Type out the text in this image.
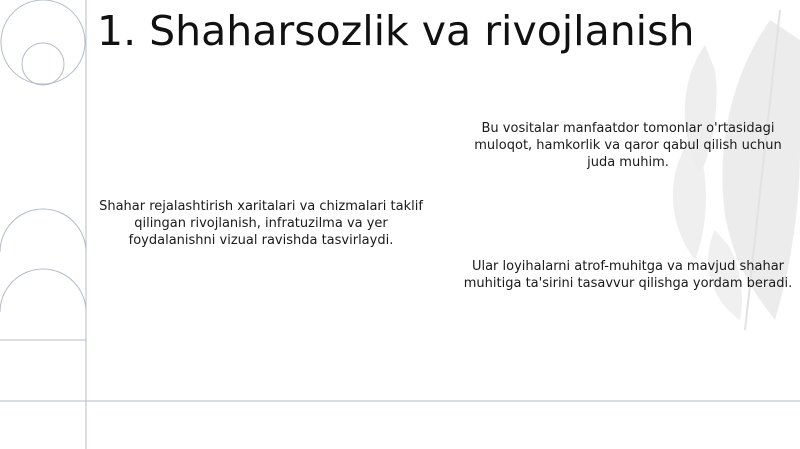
1. Shaharsozlik va rivojlanish

Shahar rejalashtirish xaritalari va chizmalari taklif qilingan rivojlanish, infratuzilma va yer foydalanishni vizual ravishda tasvirlaydi.

Bu vositalar manfaatdor tomonlar o'rtasidagi muloqot, hamkorlik va qaror qabul qilish uchun juda muhim.

Ular loyihalarni atrof-muhitga va mavjud shahar muhitiga ta'sirini tasavvur qilishga yordam beradi.
